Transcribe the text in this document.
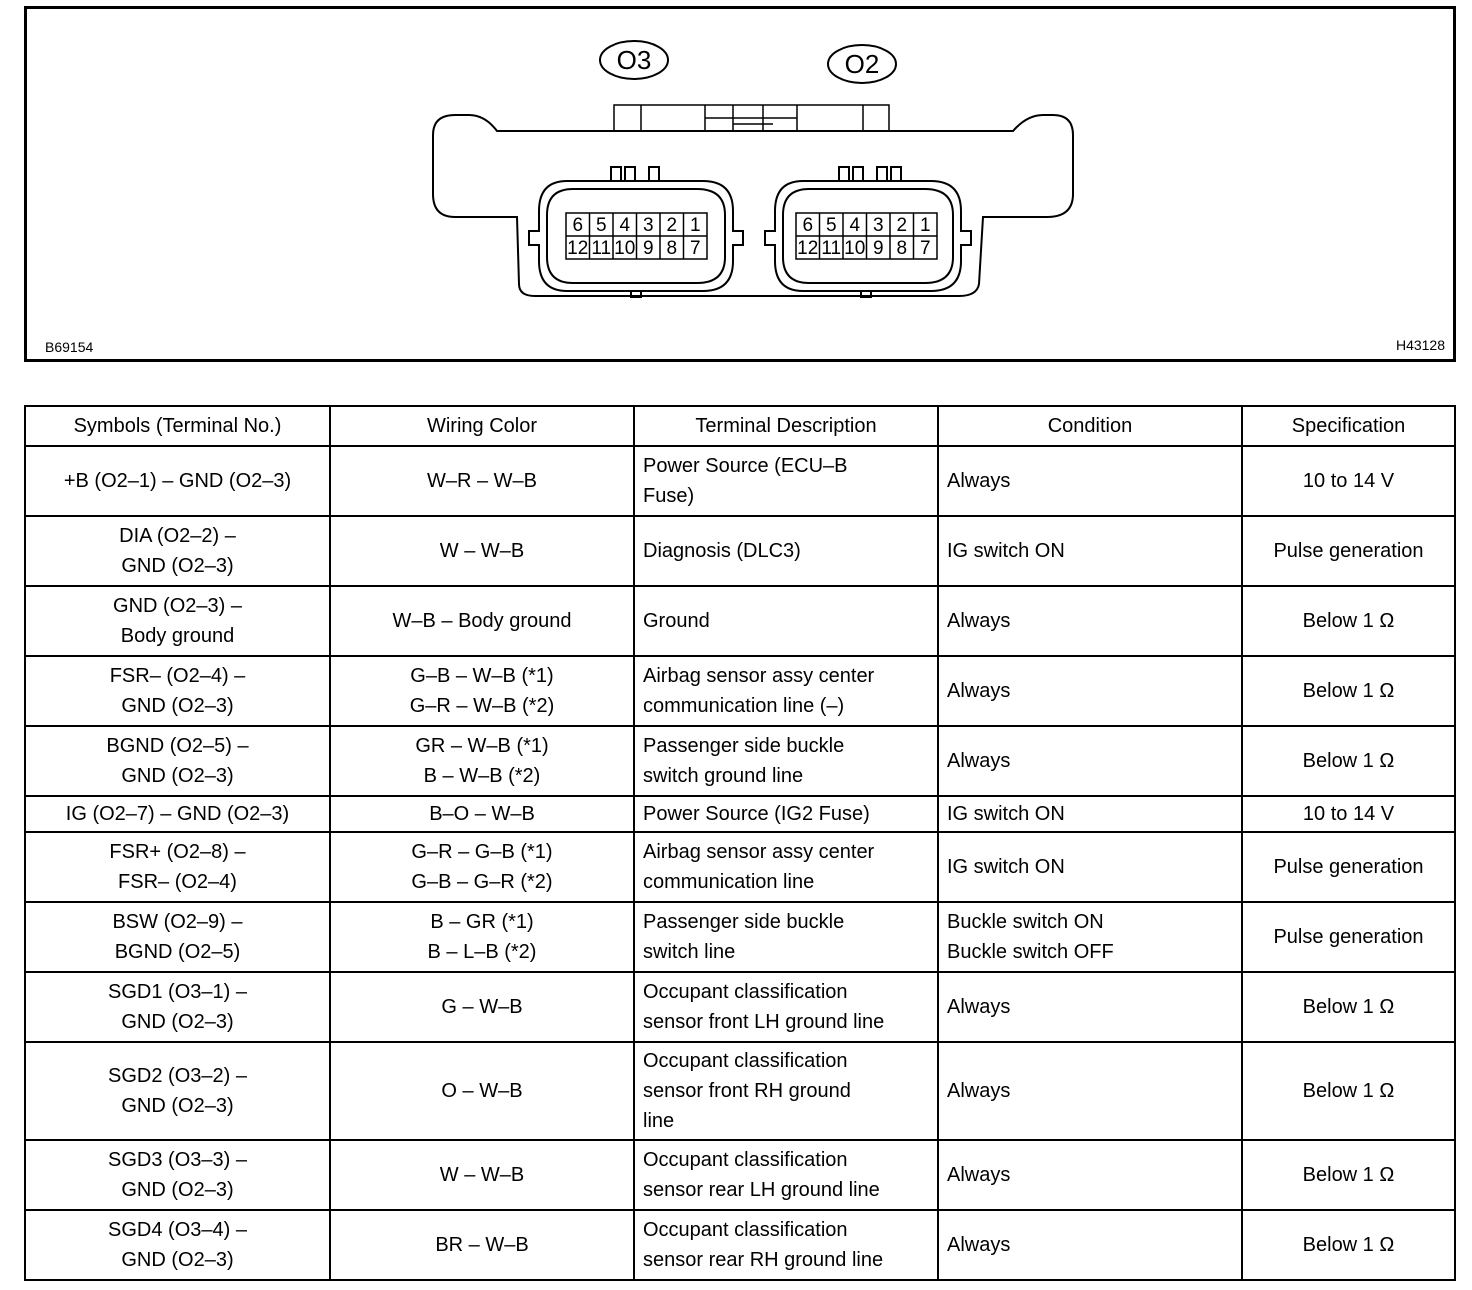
O3	O2
6 5 4 3 2 1
12 11 10 9 8 7
6 5 4 3 2 1
12 11 10 9 8 7
B69154	H43128
Symbols (Terminal No.)	Wiring Color	Terminal Description	Condition	Specification

+B (O2–1) – GND (O2–3)	W–R – W–B	Power Source (ECU–B
Fuse)	Always	10 to 14 V

DIA (O2–2) –
GND (O2–3)	W – W–B	Diagnosis (DLC3)	IG switch ON	Pulse generation

GND (O2–3) –
Body ground	W–B – Body ground	Ground	Always	Below 1 Ω

FSR– (O2–4) –
GND (O2–3)	G–B – W–B (*1)
G–R – W–B (*2)	Airbag sensor assy center
communication line (–)	Always	Below 1 Ω

BGND (O2–5) –
GND (O2–3)	GR – W–B (*1)
B – W–B (*2)	Passenger side buckle
switch ground line	Always	Below 1 Ω

IG (O2–7) – GND (O2–3)	B–O – W–B	Power Source (IG2 Fuse)	IG switch ON	10 to 14 V

FSR+ (O2–8) –
FSR– (O2–4)	G–R – G–B (*1)
G–B – G–R (*2)	Airbag sensor assy center
communication line	IG switch ON	Pulse generation

BSW (O2–9) –
BGND (O2–5)	B – GR (*1)
B – L–B (*2)	Passenger side buckle
switch line	Buckle switch ON
Buckle switch OFF	Pulse generation

SGD1 (O3–1) –
GND (O2–3)	G – W–B	Occupant classification
sensor front LH ground line	Always	Below 1 Ω

SGD2 (O3–2) –
GND (O2–3)	O – W–B	Occupant classification
sensor front RH ground
line	Always	Below 1 Ω

SGD3 (O3–3) –
GND (O2–3)	W – W–B	Occupant classification
sensor rear LH ground line	Always	Below 1 Ω

SGD4 (O3–4) –
GND (O2–3)	BR – W–B	Occupant classification
sensor rear RH ground line	Always	Below 1 Ω
